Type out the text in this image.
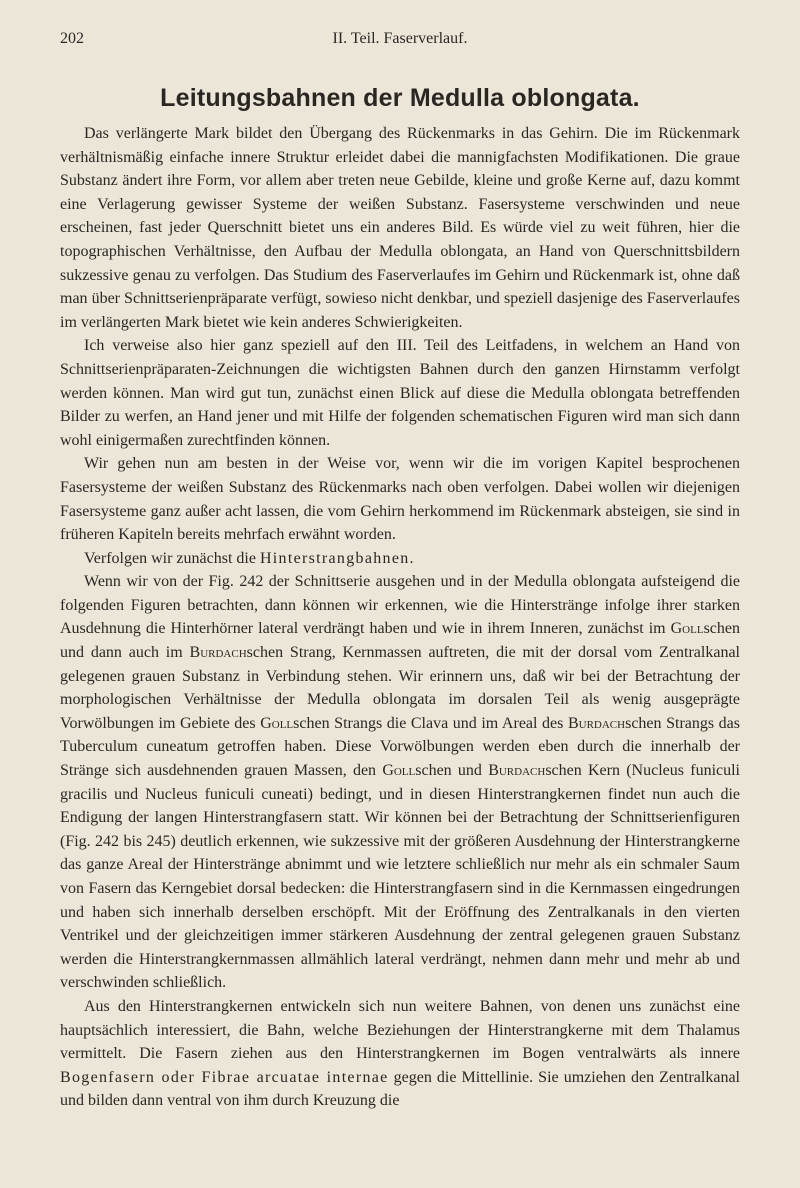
202	II. Teil. Faserverlauf.
Leitungsbahnen der Medulla oblongata.

Das verlängerte Mark bildet den Übergang des Rückenmarks in das Gehirn. Die im Rückenmark verhältnismäßig einfache innere Struktur erleidet dabei die mannigfachsten Modifikationen. Die graue Substanz ändert ihre Form, vor allem aber treten neue Gebilde, kleine und große Kerne auf, dazu kommt eine Verlagerung gewisser Systeme der weißen Substanz. Fasersysteme verschwinden und neue erscheinen, fast jeder Querschnitt bietet uns ein anderes Bild. Es würde viel zu weit führen, hier die topographischen Verhältnisse, den Aufbau der Medulla oblongata, an Hand von Querschnittsbildern sukzessive genau zu verfolgen. Das Studium des Faserverlaufes im Gehirn und Rückenmark ist, ohne daß man über Schnittserienpräparate verfügt, sowieso nicht denkbar, und speziell dasjenige des Faserverlaufes im verlängerten Mark bietet wie kein anderes Schwierigkeiten.

Ich verweise also hier ganz speziell auf den III. Teil des Leitfadens, in welchem an Hand von Schnittserienpräparaten-Zeichnungen die wichtigsten Bahnen durch den ganzen Hirnstamm verfolgt werden können. Man wird gut tun, zunächst einen Blick auf diese die Medulla oblongata betreffenden Bilder zu werfen, an Hand jener und mit Hilfe der folgenden schematischen Figuren wird man sich dann wohl einigermaßen zurechtfinden können.

Wir gehen nun am besten in der Weise vor, wenn wir die im vorigen Kapitel besprochenen Fasersysteme der weißen Substanz des Rückenmarks nach oben verfolgen. Dabei wollen wir diejenigen Fasersysteme ganz außer acht lassen, die vom Gehirn herkommend im Rückenmark absteigen, sie sind in früheren Kapiteln bereits mehrfach erwähnt worden.

Verfolgen wir zunächst die Hinterstrangbahnen.

Wenn wir von der Fig. 242 der Schnittserie ausgehen und in der Medulla oblongata aufsteigend die folgenden Figuren betrachten, dann können wir erkennen, wie die Hinterstränge infolge ihrer starken Ausdehnung die Hinterhörner lateral verdrängt haben und wie in ihrem Inneren, zunächst im Gollschen und dann auch im Burdachschen Strang, Kernmassen auftreten, die mit der dorsal vom Zentralkanal gelegenen grauen Substanz in Verbindung stehen. Wir erinnern uns, daß wir bei der Betrachtung der morphologischen Verhältnisse der Medulla oblongata im dorsalen Teil als wenig ausgeprägte Vorwölbungen im Gebiete des Gollschen Strangs die Clava und im Areal des Burdachschen Strangs das Tuberculum cuneatum getroffen haben. Diese Vorwölbungen werden eben durch die innerhalb der Stränge sich ausdehnenden grauen Massen, den Gollschen und Burdachschen Kern (Nucleus funiculi gracilis und Nucleus funiculi cuneati) bedingt, und in diesen Hinterstrangkernen findet nun auch die Endigung der langen Hinterstrangfasern statt. Wir können bei der Betrachtung der Schnittserienfiguren (Fig. 242 bis 245) deutlich erkennen, wie sukzessive mit der größeren Ausdehnung der Hinterstrangkerne das ganze Areal der Hinterstränge abnimmt und wie letztere schließlich nur mehr als ein schmaler Saum von Fasern das Kerngebiet dorsal bedecken: die Hinterstrangfasern sind in die Kernmassen eingedrungen und haben sich innerhalb derselben erschöpft. Mit der Eröffnung des Zentralkanals in den vierten Ventrikel und der gleichzeitigen immer stärkeren Ausdehnung der zentral gelegenen grauen Substanz werden die Hinterstrangkernmassen allmählich lateral verdrängt, nehmen dann mehr und mehr ab und verschwinden schließlich.

Aus den Hinterstrangkernen entwickeln sich nun weitere Bahnen, von denen uns zunächst eine hauptsächlich interessiert, die Bahn, welche Beziehungen der Hinterstrangkerne mit dem Thalamus vermittelt. Die Fasern ziehen aus den Hinterstrangkernen im Bogen ventralwärts als innere Bogenfasern oder Fibrae arcuatae internae gegen die Mittellinie. Sie umziehen den Zentralkanal und bilden dann ventral von ihm durch Kreuzung die
